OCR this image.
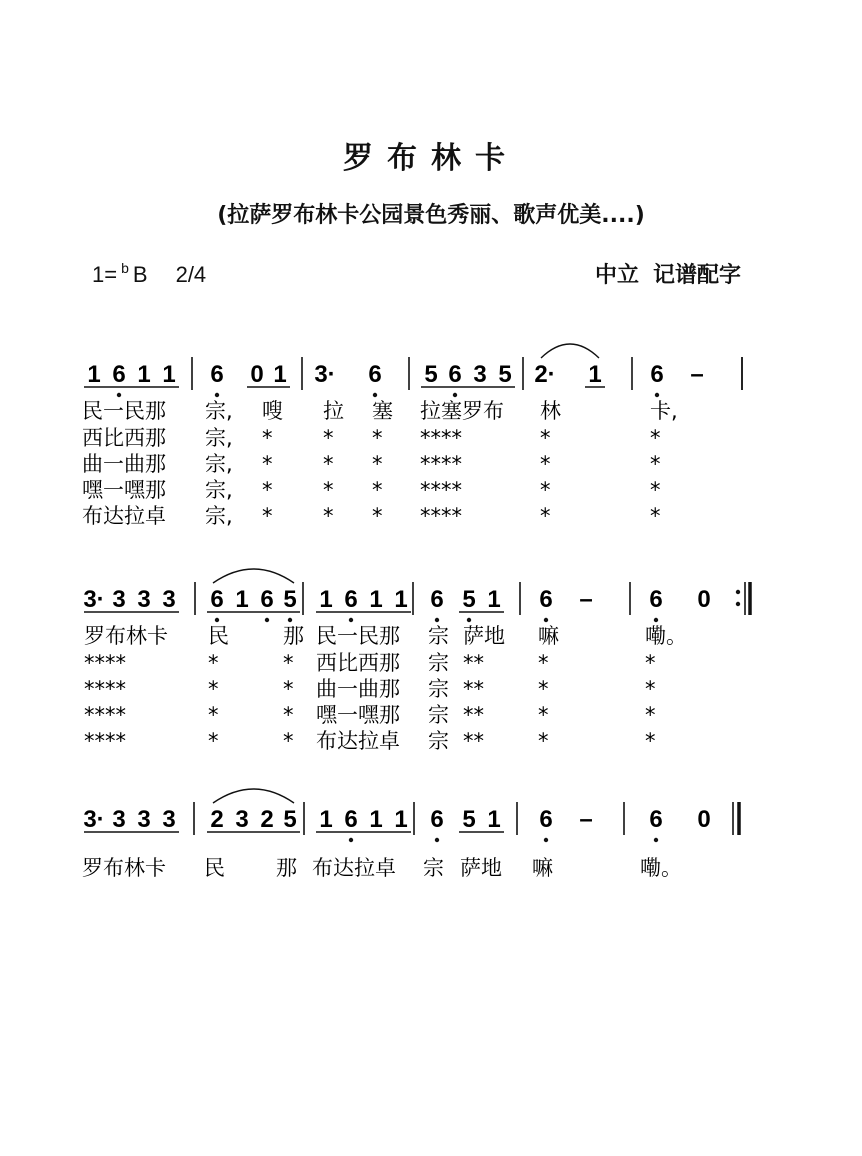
罗布林卡
(拉萨罗布林卡公园景色秀丽、歌声优美....)
1= $^b$ B 2/4	中立 记谱配字
1 6 1 1 6 0 1 3· 6 5 6 3 5 2· 1 6 –
民一民那 宗, 嗖 拉 塞 拉塞罗布 林	卡,
西比西那 宗, * * * ****	*	*
曲一曲那 宗, * * * ****	*	*
嘿一嘿那 宗, * * * ****	*	*
布达拉卓 宗, * * * ****	*	*
3· 3 3 3 6 1 6 5 1 6 1 1 6 5 1 6 – 6 0
罗布林卡 民	那 民一民那 宗 萨地 嘛	嘞。
****	*	* 西比西那 宗 **	*	*
****	*	* 曲一曲那 宗 **	*	*
****	*	* 嘿一嘿那 宗 **	*	*
****	*	* 布达拉卓 宗 **	*	*
3· 3 3 3 2 3 2 5 1 6 1 1 6 5 1 6 – 6 0
罗布林卡 民 那 布达拉卓 宗 萨地 嘛	嘞。
